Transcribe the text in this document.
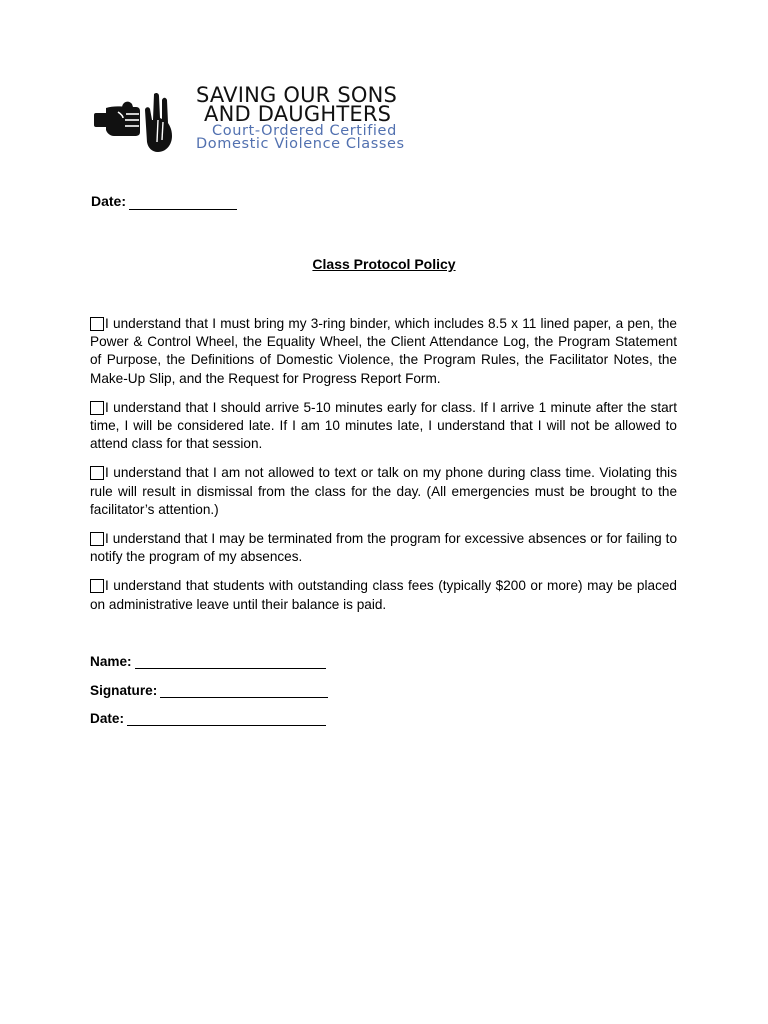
SAVING OUR SONS
AND DAUGHTERS
Court-Ordered Certified
Domestic Violence Classes
Date:
Class Protocol Policy
I understand that I must bring my 3-ring binder, which includes 8.5 x 11 lined paper, a pen, the Power & Control Wheel, the Equality Wheel, the Client Attendance Log, the Program Statement of Purpose, the Definitions of Domestic Violence, the Program Rules, the Facilitator Notes, the Make-Up Slip, and the Request for Progress Report Form.
I understand that I should arrive 5-10 minutes early for class. If I arrive 1 minute after the start time, I will be considered late. If I am 10 minutes late, I understand that I will not be allowed to attend class for that session.
I understand that I am not allowed to text or talk on my phone during class time. Violating this rule will result in dismissal from the class for the day. (All emergencies must be brought to the facilitator’s attention.)
I understand that I may be terminated from the program for excessive absences or for failing to notify the program of my absences.
I understand that students with outstanding class fees (typically $200 or more) may be placed on administrative leave until their balance is paid.
Name:
Signature:
Date:
